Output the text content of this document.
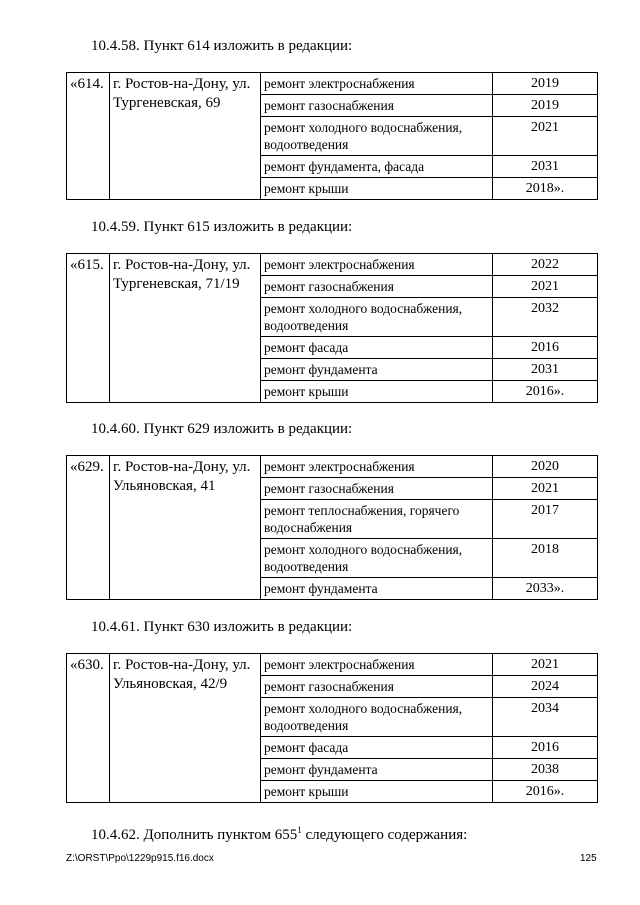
10.4.58. Пункт 614 изложить в редакции:
«614.	г. Ростов-на-Дону, ул. Тургеневская, 69	ремонт электроснабжения	2019
		ремонт газоснабжения	2019
		ремонт холодного водоснабжения, водоотведения	2021
		ремонт фундамента, фасада	2031
		ремонт крыши	2018».
10.4.59. Пункт 615 изложить в редакции:
«615.	г. Ростов-на-Дону, ул. Тургеневская, 71/19	ремонт электроснабжения	2022
		ремонт газоснабжения	2021
		ремонт холодного водоснабжения, водоотведения	2032
		ремонт фасада	2016
		ремонт фундамента	2031
		ремонт крыши	2016».
10.4.60. Пункт 629 изложить в редакции:
«629.	г. Ростов-на-Дону, ул. Ульяновская, 41	ремонт электроснабжения	2020
		ремонт газоснабжения	2021
		ремонт теплоснабжения, горячего водоснабжения	2017
		ремонт холодного водоснабжения, водоотведения	2018
		ремонт фундамента	2033».
10.4.61. Пункт 630 изложить в редакции:
«630.	г. Ростов-на-Дону, ул. Ульяновская, 42/9	ремонт электроснабжения	2021
		ремонт газоснабжения	2024
		ремонт холодного водоснабжения, водоотведения	2034
		ремонт фасада	2016
		ремонт фундамента	2038
		ремонт крыши	2016».
10.4.62. Дополнить пунктом $655^1$ следующего содержания:
Z:\ORST\Ppo\1229p915.f16.docx	125
